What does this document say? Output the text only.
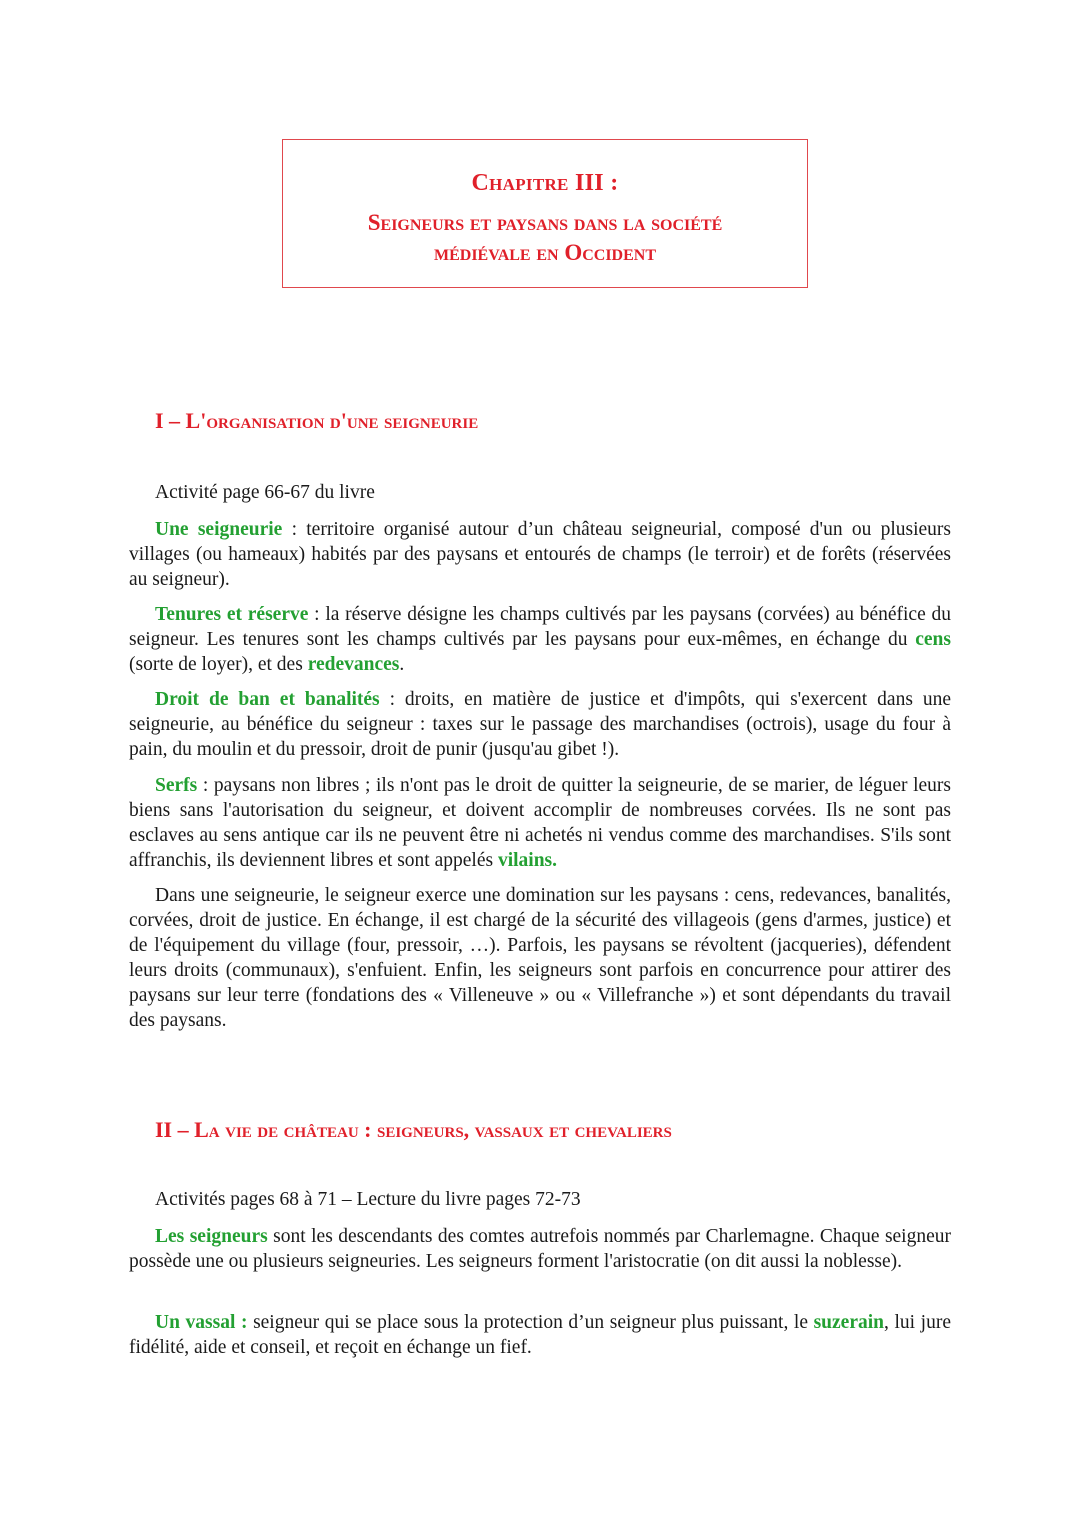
Chapitre III :
Seigneurs et paysans dans la société
médiévale en Occident
I – L'organisation d'une seigneurie
Activité page 66-67 du livre
Une seigneurie : territoire organisé autour d’un château seigneurial, composé d'un ou plusieurs villages (ou hameaux) habités par des paysans et entourés de champs (le terroir) et de forêts (réservées au seigneur).
Tenures et réserve : la réserve désigne les champs cultivés par les paysans (corvées) au bénéfice du seigneur. Les tenures sont les champs cultivés par les paysans pour eux-mêmes, en échange du cens (sorte de loyer), et des redevances.
Droit de ban et banalités : droits, en matière de justice et d'impôts, qui s'exercent dans une seigneurie, au bénéfice du seigneur : taxes sur le passage des marchandises (octrois), usage du four à pain, du moulin et du pressoir, droit de punir (jusqu'au gibet !).
Serfs : paysans non libres ; ils n'ont pas le droit de quitter la seigneurie, de se marier, de léguer leurs biens sans l'autorisation du seigneur, et doivent accomplir de nombreuses corvées. Ils ne sont pas esclaves au sens antique car ils ne peuvent être ni achetés ni vendus comme des marchandises. S'ils sont affranchis, ils deviennent libres et sont appelés vilains.
Dans une seigneurie, le seigneur exerce une domination sur les paysans : cens, redevances, banalités, corvées, droit de justice. En échange, il est chargé de la sécurité des villageois (gens d'armes, justice) et de l'équipement du village (four, pressoir, …). Parfois, les paysans se révoltent (jacqueries), défendent leurs droits (communaux), s'enfuient. Enfin, les seigneurs sont parfois en concurrence pour attirer des paysans sur leur terre (fondations des « Villeneuve » ou « Villefranche ») et sont dépendants du travail des paysans.
II – La vie de château : seigneurs, vassaux et chevaliers
Activités pages 68 à 71 – Lecture du livre pages 72-73
Les seigneurs sont les descendants des comtes autrefois nommés par Charlemagne. Chaque seigneur possède une ou plusieurs seigneuries. Les seigneurs forment l'aristocratie (on dit aussi la noblesse).
Un vassal : seigneur qui se place sous la protection d’un seigneur plus puissant, le suzerain, lui jure fidélité, aide et conseil, et reçoit en échange un fief.
